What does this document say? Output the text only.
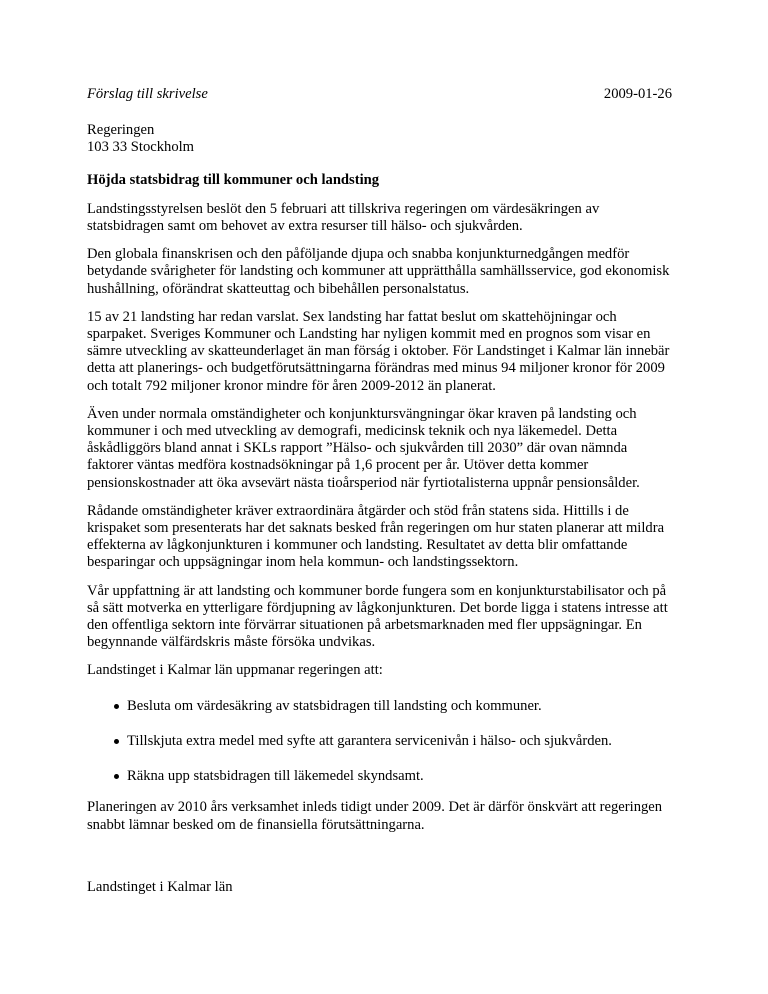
Förslag till skrivelse	2009-01-26
Regeringen
103 33 Stockholm
Höjda statsbidrag till kommuner och landsting

Landstingsstyrelsen beslöt den 5 februari att tillskriva regeringen om värdesäkringen av statsbidragen samt om behovet av extra resurser till hälso- och sjukvården.

Den globala finanskrisen och den påföljande djupa och snabba konjunkturnedgången medför betydande svårigheter för landsting och kommuner att upprätthålla samhällsservice, god ekonomisk hushållning, oförändrat skatteuttag och bibehållen personalstatus.

15 av 21 landsting har redan varslat. Sex landsting har fattat beslut om skattehöjningar och sparpaket. Sveriges Kommuner och Landsting har nyligen kommit med en prognos som visar en sämre utveckling av skatteunderlaget än man förság i oktober. För Landstinget i Kalmar län innebär detta att planerings- och budgetförutsättningarna förändras med minus 94 miljoner kronor för 2009 och totalt 792 miljoner kronor mindre för åren 2009-2012 än planerat.

Även under normala omständigheter och konjunktursvängningar ökar kraven på landsting och kommuner i och med utveckling av demografi, medicinsk teknik och nya läkemedel. Detta åskådliggörs bland annat i SKLs rapport ”Hälso- och sjukvården till 2030” där ovan nämnda faktorer väntas medföra kostnadsökningar på 1,6 procent per år. Utöver detta kommer pensionskostnader att öka avsevärt nästa tioårsperiod när fyrtiotalisterna uppnår pensionsålder.

Rådande omständigheter kräver extraordinära åtgärder och stöd från statens sida. Hittills i de krispaket som presenterats har det saknats besked från regeringen om hur staten planerar att mildra effekterna av lågkonjunkturen i kommuner och landsting. Resultatet av detta blir omfattande besparingar och uppsägningar inom hela kommun- och landstingssektorn.

Vår uppfattning är att landsting och kommuner borde fungera som en konjunkturstabilisator och på så sätt motverka en ytterligare fördjupning av lågkonjunkturen. Det borde ligga i statens intresse att den offentliga sektorn inte förvärrar situationen på arbetsmarknaden med fler uppsägningar. En begynnande välfärdskris måste försöka undvikas.

Landstinget i Kalmar län uppmanar regeringen att:

Besluta om värdesäkring av statsbidragen till landsting och kommuner.
Tillskjuta extra medel med syfte att garantera servicenivån i hälso- och sjukvården.
Räkna upp statsbidragen till läkemedel skyndsamt.

Planeringen av 2010 års verksamhet inleds tidigt under 2009. Det är därför önskvärt att regeringen snabbt lämnar besked om de finansiella förutsättningarna.

Landstinget i Kalmar län
